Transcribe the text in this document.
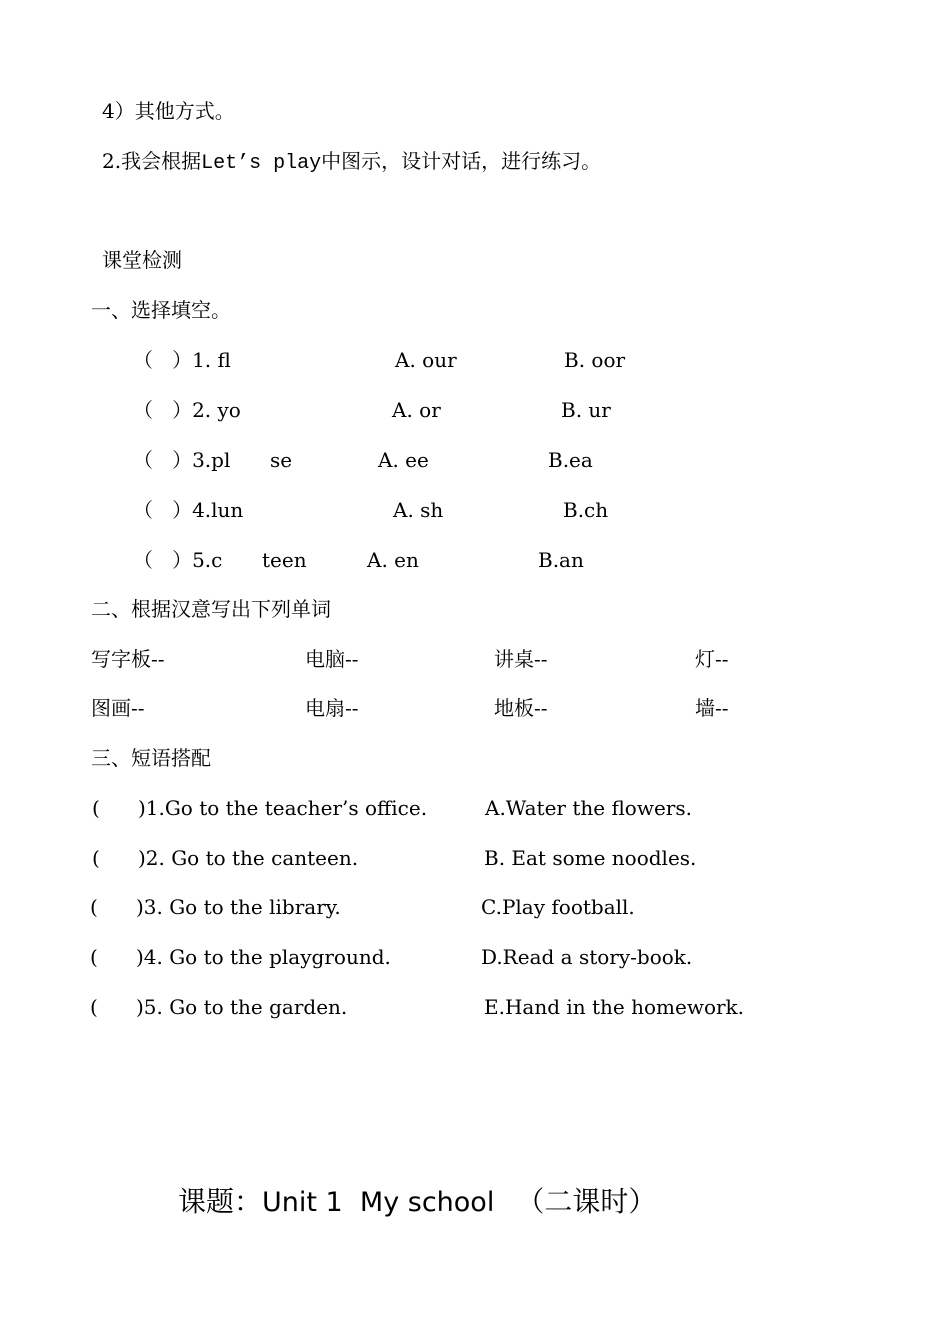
4）其他方式。
2.我会根据Let’s play中图示，设计对话，进行练习。
课堂检测
一、选择填空。
（   ）1. fl	A. our	B. oor
（   ）2. yo	A. or	B. ur
（   ）3.pl se	A. ee	B.ea
（   ）4.lun	A. sh	B.ch
（   ）5.c teen	A. en	B.an
二、根据汉意写出下列单词
写字板--	电脑--	讲桌--	灯--
图画--	电扇--	地板--	墙--
三、短语搭配
(      )1.Go to the teacher’s office.	A.Water the flowers.
(      )2. Go to the canteen.	B. Eat some noodles.
(      )3. Go to the library.	C.Play football.
(      )4. Go to the playground.	D.Read a story-book.
(      )5. Go to the garden.	E.Hand in the homework.
课题：Unit 1  My school （二课时）
